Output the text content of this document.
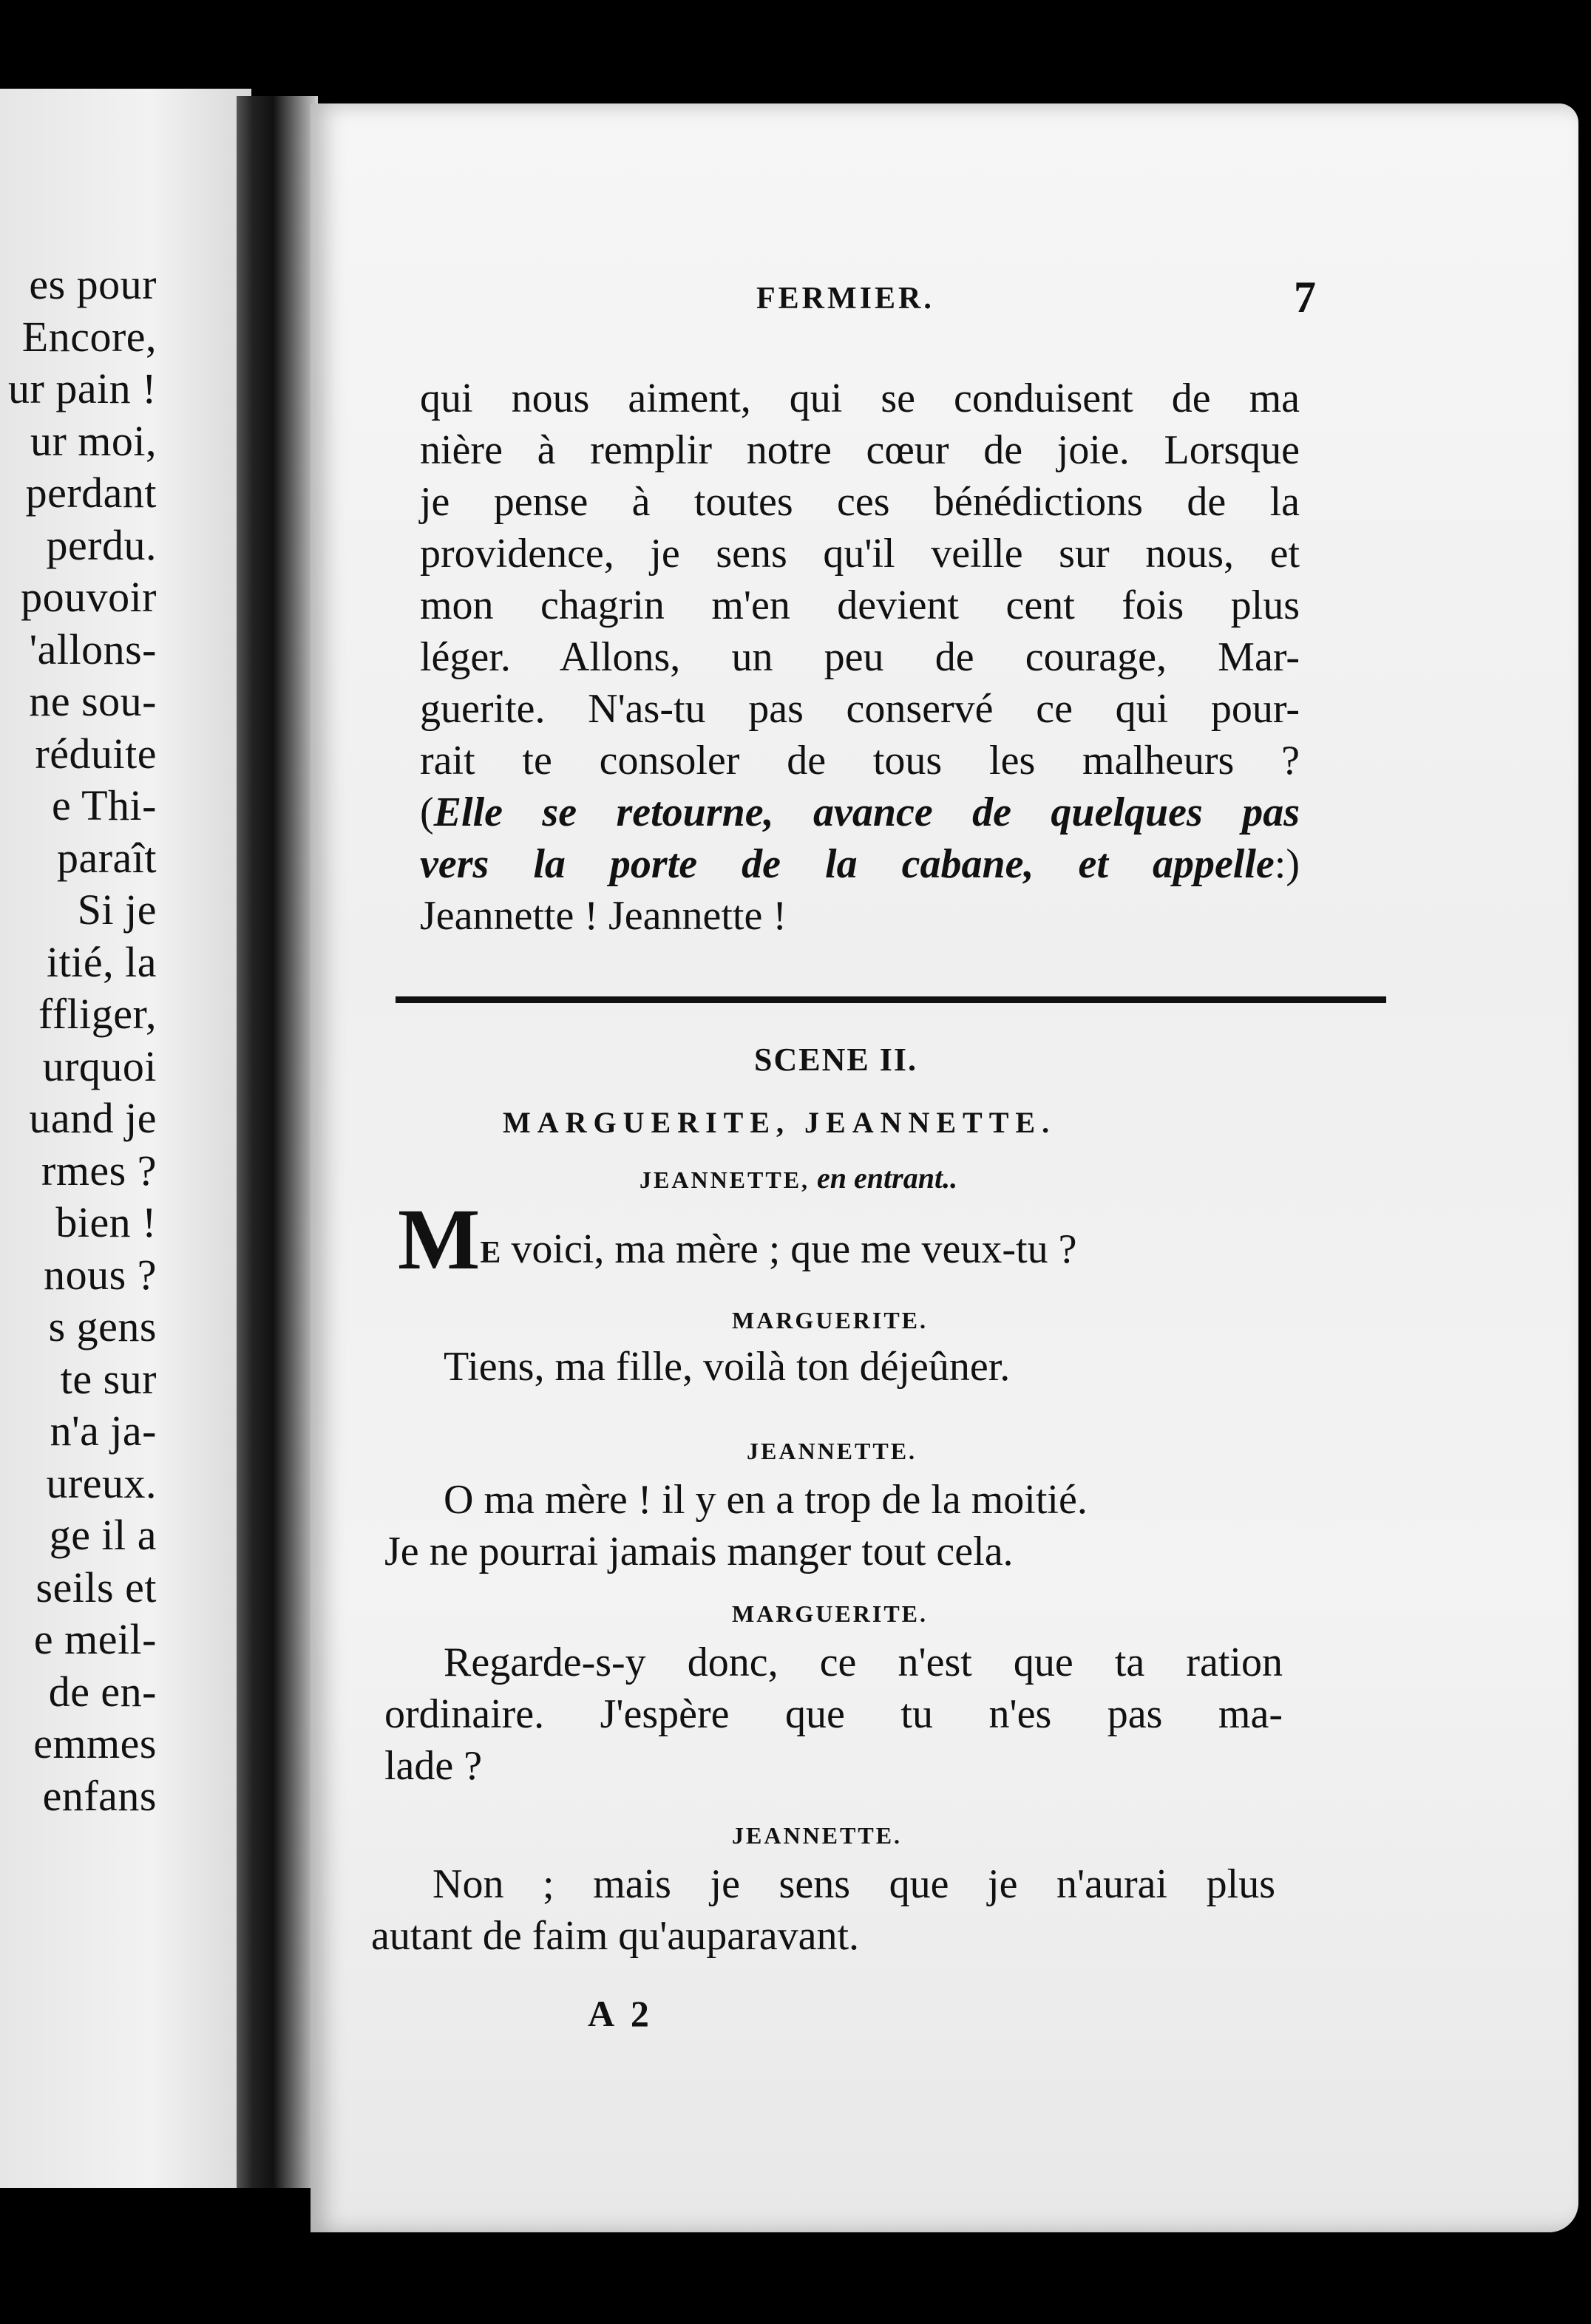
es pour
Encore,
ur pain !
ur moi,
perdant
perdu.
pouvoir
'allons-
ne sou-
réduite
e Thi-
paraît
Si je
itié, la
ffliger,
urquoi
uand je
rmes ?
bien !
nous ?
s gens
te sur
n'a ja-
ureux.
ge il a
seils et
e meil-
de en-
emmes
enfans
FERMIER.	7
qui nous aiment, qui se conduisent de ma
nière à remplir notre cœur de joie. Lorsque
je pense à toutes ces bénédictions de la
providence, je sens qu'il veille sur nous, et
mon chagrin m'en devient cent fois plus
léger. Allons, un peu de courage, Mar-
guerite. N'as-tu pas conservé ce qui pour-
rait te consoler de tous les malheurs ?
( Elle se retourne, avance de quelques pas
vers la porte de la cabane, et appelle :)
Jeannette ! Jeannette !
SCENE II.
MARGUERITE, JEANNETTE.
JEANNETTE, en entrant..
ME voici, ma mère ; que me veux-tu ?
MARGUERITE.
Tiens, ma fille, voilà ton déjeûner.
JEANNETTE.
O ma mère ! il y en a trop de la moitié.
Je ne pourrai jamais manger tout cela.
MARGUERITE.
Regarde-s-y donc, ce n'est que ta ration
ordinaire. J'espère que tu n'es pas ma-
lade ?
JEANNETTE.
Non ; mais je sens que je n'aurai plus
autant de faim qu'auparavant.
A 2
